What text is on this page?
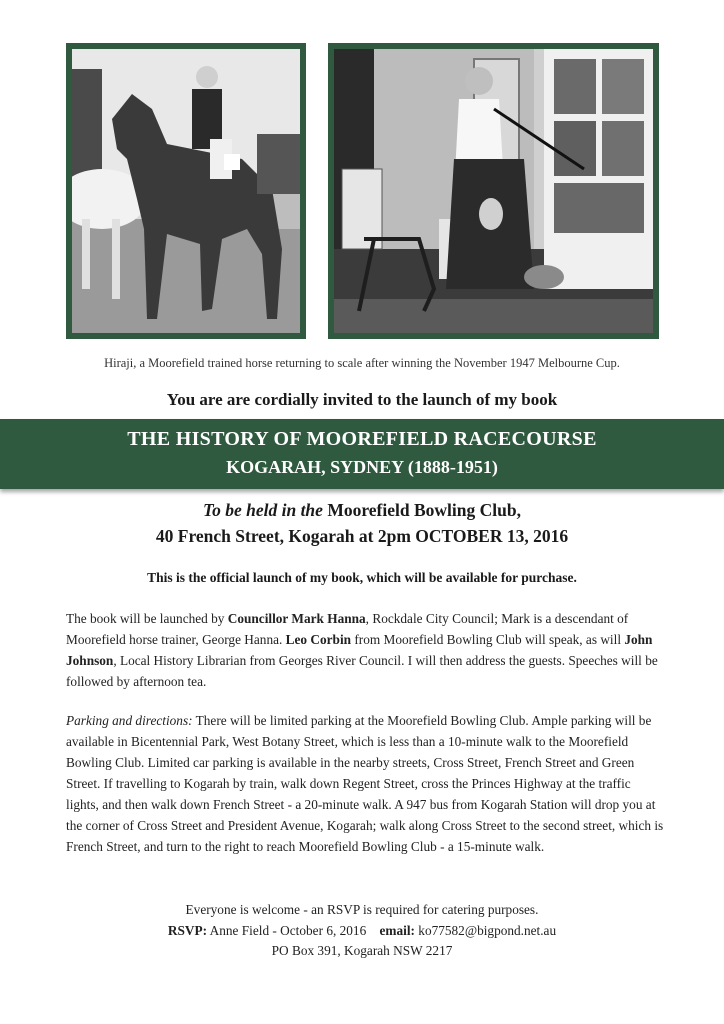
Hiraji, a Moorefield trained horse returning to scale after winning the November 1947 Melbourne Cup.
You are are cordially invited to the launch of my book
THE HISTORY OF MOOREFIELD RACECOURSE
KOGARAH, SYDNEY (1888-1951)
To be held in the Moorefield Bowling Club,
40 French Street, Kogarah at 2pm OCTOBER 13, 2016
This is the official launch of my book, which will be available for purchase.

The book will be launched by Councillor Mark Hanna, Rockdale City Council; Mark is a descendant of Moorefield horse trainer, George Hanna. Leo Corbin from Moorefield Bowling Club will speak, as will John Johnson, Local History Librarian from Georges River Council. I will then address the guests. Speeches will be followed by afternoon tea.

Parking and directions: There will be limited parking at the Moorefield Bowling Club. Ample parking will be available in Bicentennial Park, West Botany Street, which is less than a 10-minute walk to the Moorefield Bowling Club. Limited car parking is available in the nearby streets, Cross Street, French Street and Green Street. If travelling to Kogarah by train, walk down Regent Street, cross the Princes Highway at the traffic lights, and then walk down French Street - a 20-minute walk. A 947 bus from Kogarah Station will drop you at the corner of Cross Street and President Avenue, Kogarah; walk along Cross Street to the second street, which is French Street, and turn to the right to reach Moorefield Bowling Club - a 15-minute walk.

Everyone is welcome - an RSVP is required for catering purposes.
RSVP: Anne Field - October 6, 2016 email: ko77582@bigpond.net.au
PO Box 391, Kogarah NSW 2217
